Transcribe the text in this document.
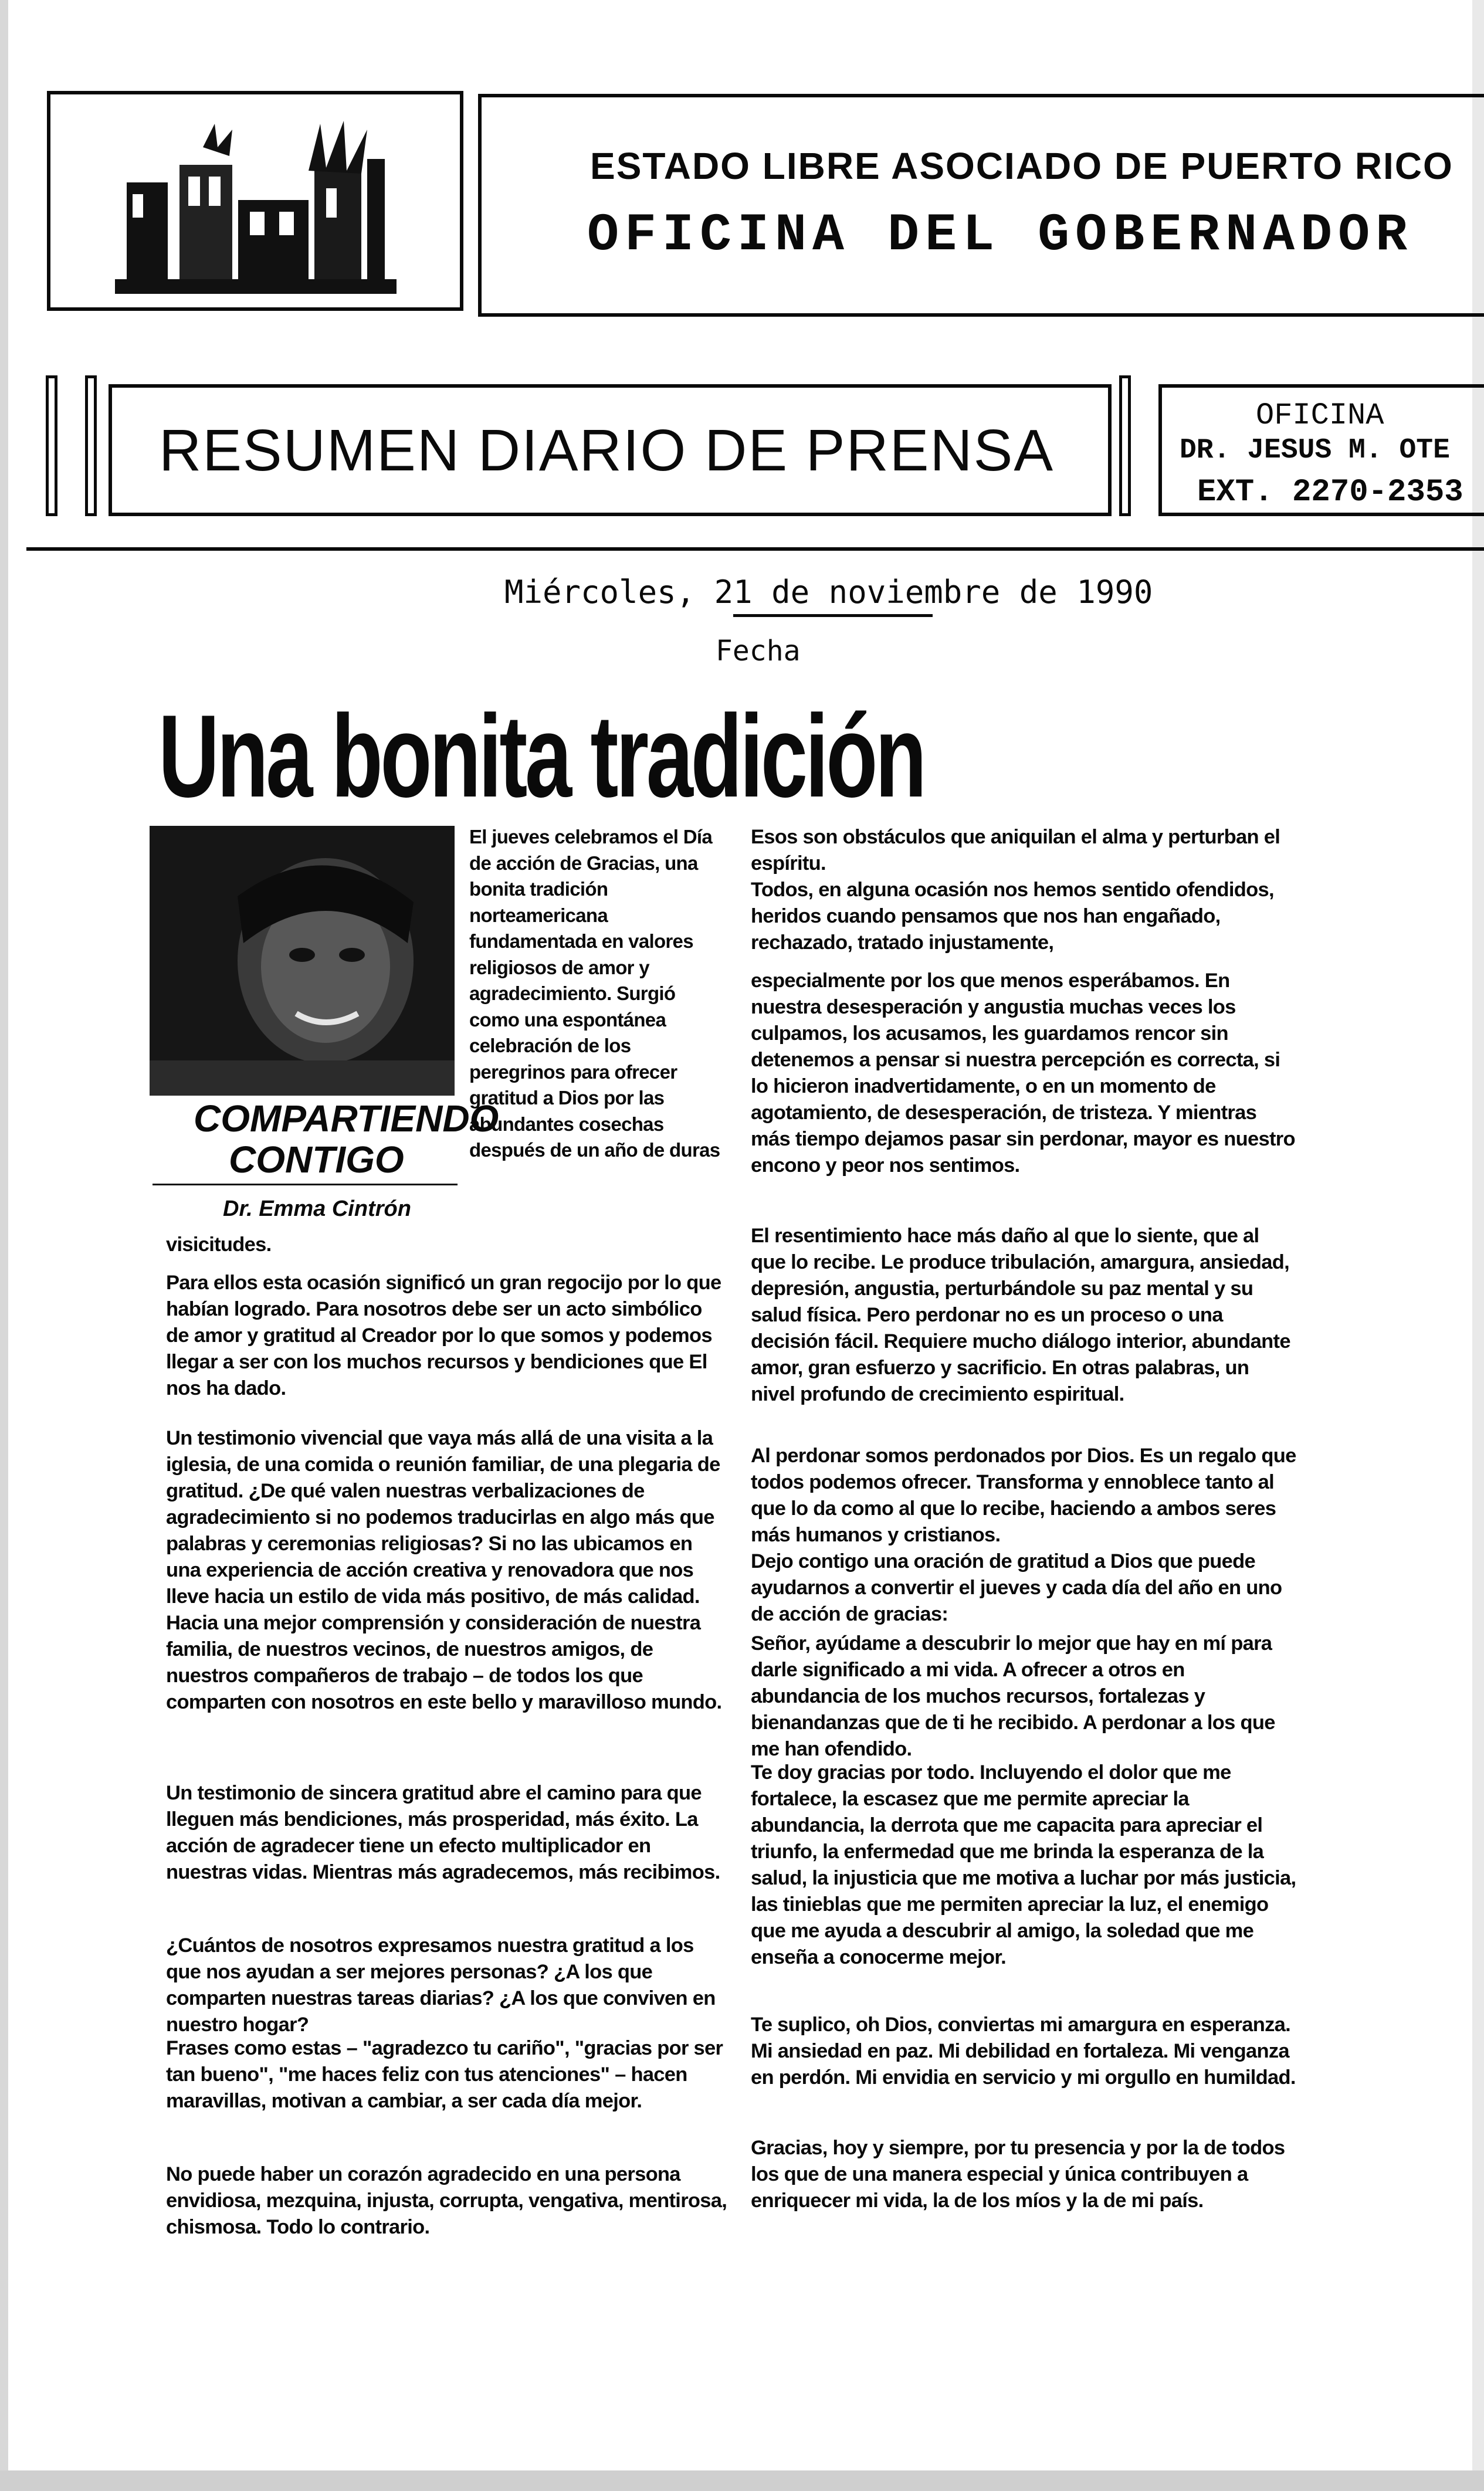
ESTADO LIBRE ASOCIADO DE PUERTO RICO
OFICINA DEL GOBERNADOR
RESUMEN DIARIO DE PRENSA
OFICINA
DR. JESUS M. OTE
EXT. 2270-2353
Miércoles, 21 de noviembre de 1990
Fecha
Una bonita tradición
COMPARTIENDO
CONTIGO
Dr. Emma Cintrón

El jueves celebramos el Día de acción de Gracias, una bonita tradición norteamericana fundamentada en valores religiosos de amor y agradecimiento. Surgió como una espontánea celebración de los peregrinos para ofrecer gratitud a Dios por las abundantes cosechas después de un año de duras

visicitudes.

Para ellos esta ocasión significó un gran regocijo por lo que habían logrado. Para nosotros debe ser un acto simbólico de amor y gratitud al Creador por lo que somos y podemos llegar a ser con los muchos recursos y bendiciones que El nos ha dado.

Un testimonio vivencial que vaya más allá de una visita a la iglesia, de una comida o reunión familiar, de una plegaria de gratitud. ¿De qué valen nuestras verbalizaciones de agradecimiento si no podemos traducirlas en algo más que palabras y ceremonias religiosas? Si no las ubicamos en una experiencia de acción creativa y renovadora que nos lleve hacia un estilo de vida más positivo, de más calidad. Hacia una mejor comprensión y consideración de nuestra familia, de nuestros vecinos, de nuestros amigos, de nuestros compañeros de trabajo – de todos los que comparten con nosotros en este bello y maravilloso mundo.

Un testimonio de sincera gratitud abre el camino para que lleguen más bendiciones, más prosperidad, más éxito. La acción de agradecer tiene un efecto multiplicador en nuestras vidas. Mientras más agradecemos, más recibimos.

¿Cuántos de nosotros expresamos nuestra gratitud a los que nos ayudan a ser mejores personas? ¿A los que comparten nuestras tareas diarias? ¿A los que conviven en nuestro hogar?

Frases como estas – "agradezco tu cariño", "gracias por ser tan bueno", "me haces feliz con tus atenciones" – hacen maravillas, motivan a cambiar, a ser cada día mejor.

No puede haber un corazón agradecido en una persona envidiosa, mezquina, injusta, corrupta, vengativa, mentirosa, chismosa. Todo lo contrario.

Esos son obstáculos que aniquilan el alma y perturban el espíritu.

Todos, en alguna ocasión nos hemos sentido ofendidos, heridos cuando pensamos que nos han engañado, rechazado, tratado injustamente,

especialmente por los que menos esperábamos. En nuestra desesperación y angustia muchas veces los culpamos, los acusamos, les guardamos rencor sin detenemos a pensar si nuestra percepción es correcta, si lo hicieron inadvertidamente, o en un momento de agotamiento, de desesperación, de tristeza. Y mientras más tiempo dejamos pasar sin perdonar, mayor es nuestro encono y peor nos sentimos.

El resentimiento hace más daño al que lo siente, que al que lo recibe. Le produce tribulación, amargura, ansiedad, depresión, angustia, perturbándole su paz mental y su salud física. Pero perdonar no es un proceso o una decisión fácil. Requiere mucho diálogo interior, abundante amor, gran esfuerzo y sacrificio. En otras palabras, un nivel profundo de crecimiento espiritual.

Al perdonar somos perdonados por Dios. Es un regalo que todos podemos ofrecer. Transforma y ennoblece tanto al que lo da como al que lo recibe, haciendo a ambos seres más humanos y cristianos.

Dejo contigo una oración de gratitud a Dios que puede ayudarnos a convertir el jueves y cada día del año en uno de acción de gracias:

Señor, ayúdame a descubrir lo mejor que hay en mí para darle significado a mi vida. A ofrecer a otros en abundancia de los muchos recursos, fortalezas y bienandanzas que de ti he recibido. A perdonar a los que me han ofendido.

Te doy gracias por todo. Incluyendo el dolor que me fortalece, la escasez que me permite apreciar la abundancia, la derrota que me capacita para apreciar el triunfo, la enfermedad que me brinda la esperanza de la salud, la injusticia que me motiva a luchar por más justicia, las tinieblas que me permiten apreciar la luz, el enemigo que me ayuda a descubrir al amigo, la soledad que me enseña a conocerme mejor.

Te suplico, oh Dios, conviertas mi amargura en esperanza. Mi ansiedad en paz. Mi debilidad en fortaleza. Mi venganza en perdón. Mi envidia en servicio y mi orgullo en humildad.

Gracias, hoy y siempre, por tu presencia y por la de todos los que de una manera especial y única contribuyen a enriquecer mi vida, la de los míos y la de mi país.
